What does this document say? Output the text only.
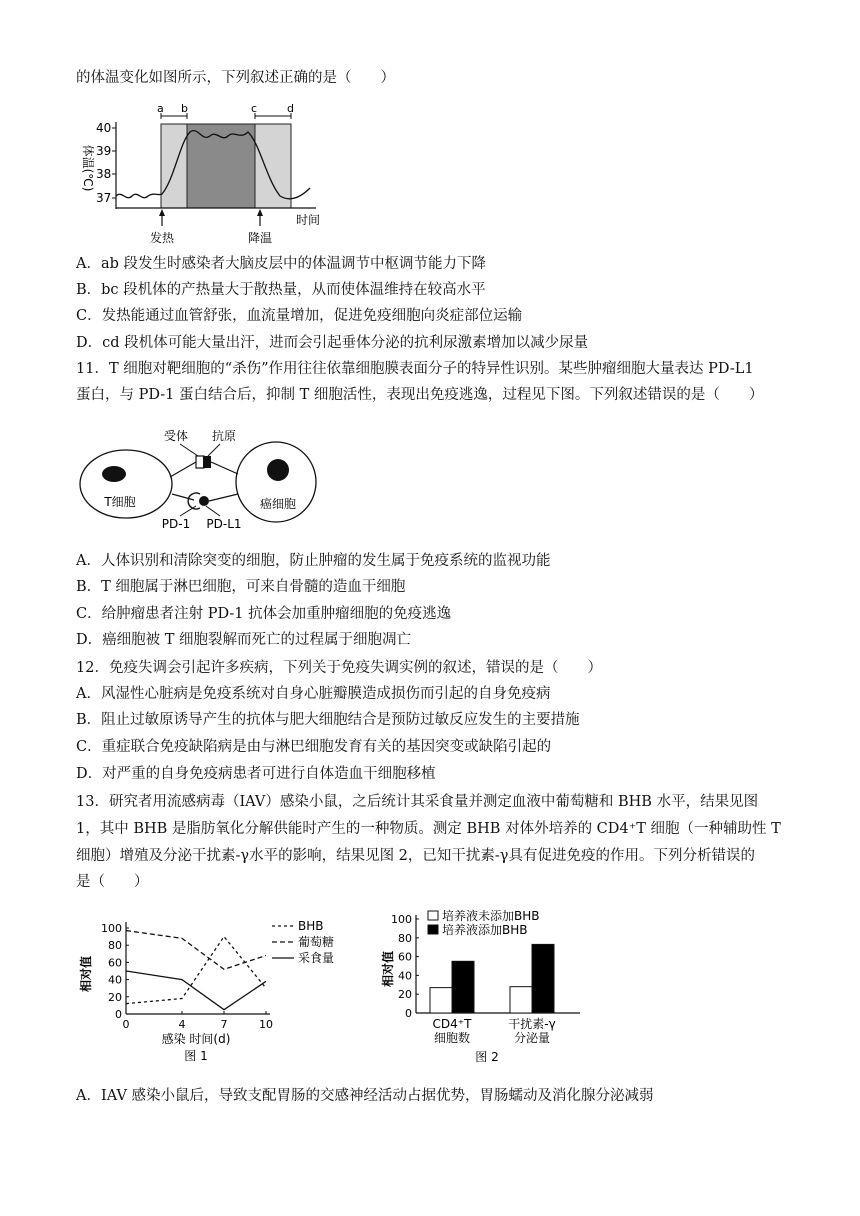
的体温变化如图所示，下列叙述正确的是（　　）
40
39
38
37
体温(℃)
a b	c	d
发热	降温
时间
A．ab 段发生时感染者大脑皮层中的体温调节中枢调节能力下降
B．bc 段机体的产热量大于散热量，从而使体温维持在较高水平
C．发热能通过血管舒张，血流量增加，促进免疫细胞向炎症部位运输
D．cd 段机体可能大量出汗，进而会引起垂体分泌的抗利尿激素增加以减少尿量
11．T 细胞对靶细胞的“杀伤”作用往往依靠细胞膜表面分子的特异性识别。某些肿瘤细胞大量表达 PD-L1
蛋白，与 PD-1 蛋白结合后，抑制 T 细胞活性，表现出免疫逃逸，过程见下图。下列叙述错误的是（　　）
T细胞	癌细胞
受体 抗原
PD-1 PD-L1
A．人体识别和清除突变的细胞，防止肿瘤的发生属于免疫系统的监视功能
B．T 细胞属于淋巴细胞，可来自骨髓的造血干细胞
C．给肿瘤患者注射 PD-1 抗体会加重肿瘤细胞的免疫逃逸
D．癌细胞被 T 细胞裂解而死亡的过程属于细胞凋亡
12．免疫失调会引起许多疾病，下列关于免疫失调实例的叙述，错误的是（　　）
A．风湿性心脏病是免疫系统对自身心脏瓣膜造成损伤而引起的自身免疫病
B．阻止过敏原诱导产生的抗体与肥大细胞结合是预防过敏反应发生的主要措施
C．重症联合免疫缺陷病是由与淋巴细胞发育有关的基因突变或缺陷引起的
D．对严重的自身免疫病患者可进行自体造血干细胞移植
13．研究者用流感病毒（IAV）感染小鼠，之后统计其采食量并测定血液中葡萄糖和 BHB 水平，结果见图
1，其中 BHB 是脂肪氧化分解供能时产生的一种物质。测定 BHB 对体外培养的 CD4⁺T 细胞（一种辅助性 T
细胞）增殖及分泌干扰素-γ水平的影响，结果见图 2，已知干扰素-γ具有促进免疫的作用。下列分析错误的
是（　　）
100
80
60
40
20
0
0	4	7	10
BHB
葡萄糖
采食量
相对值
感染 时间(d)
图 1
100
80
60
40
20
0
CD4⁺T
细胞数
干扰素-γ
分泌量
培养液未添加BHB
培养液添加BHB
相对值
图 2
A．IAV 感染小鼠后，导致支配胃肠的交感神经活动占据优势，胃肠蠕动及消化腺分泌减弱
